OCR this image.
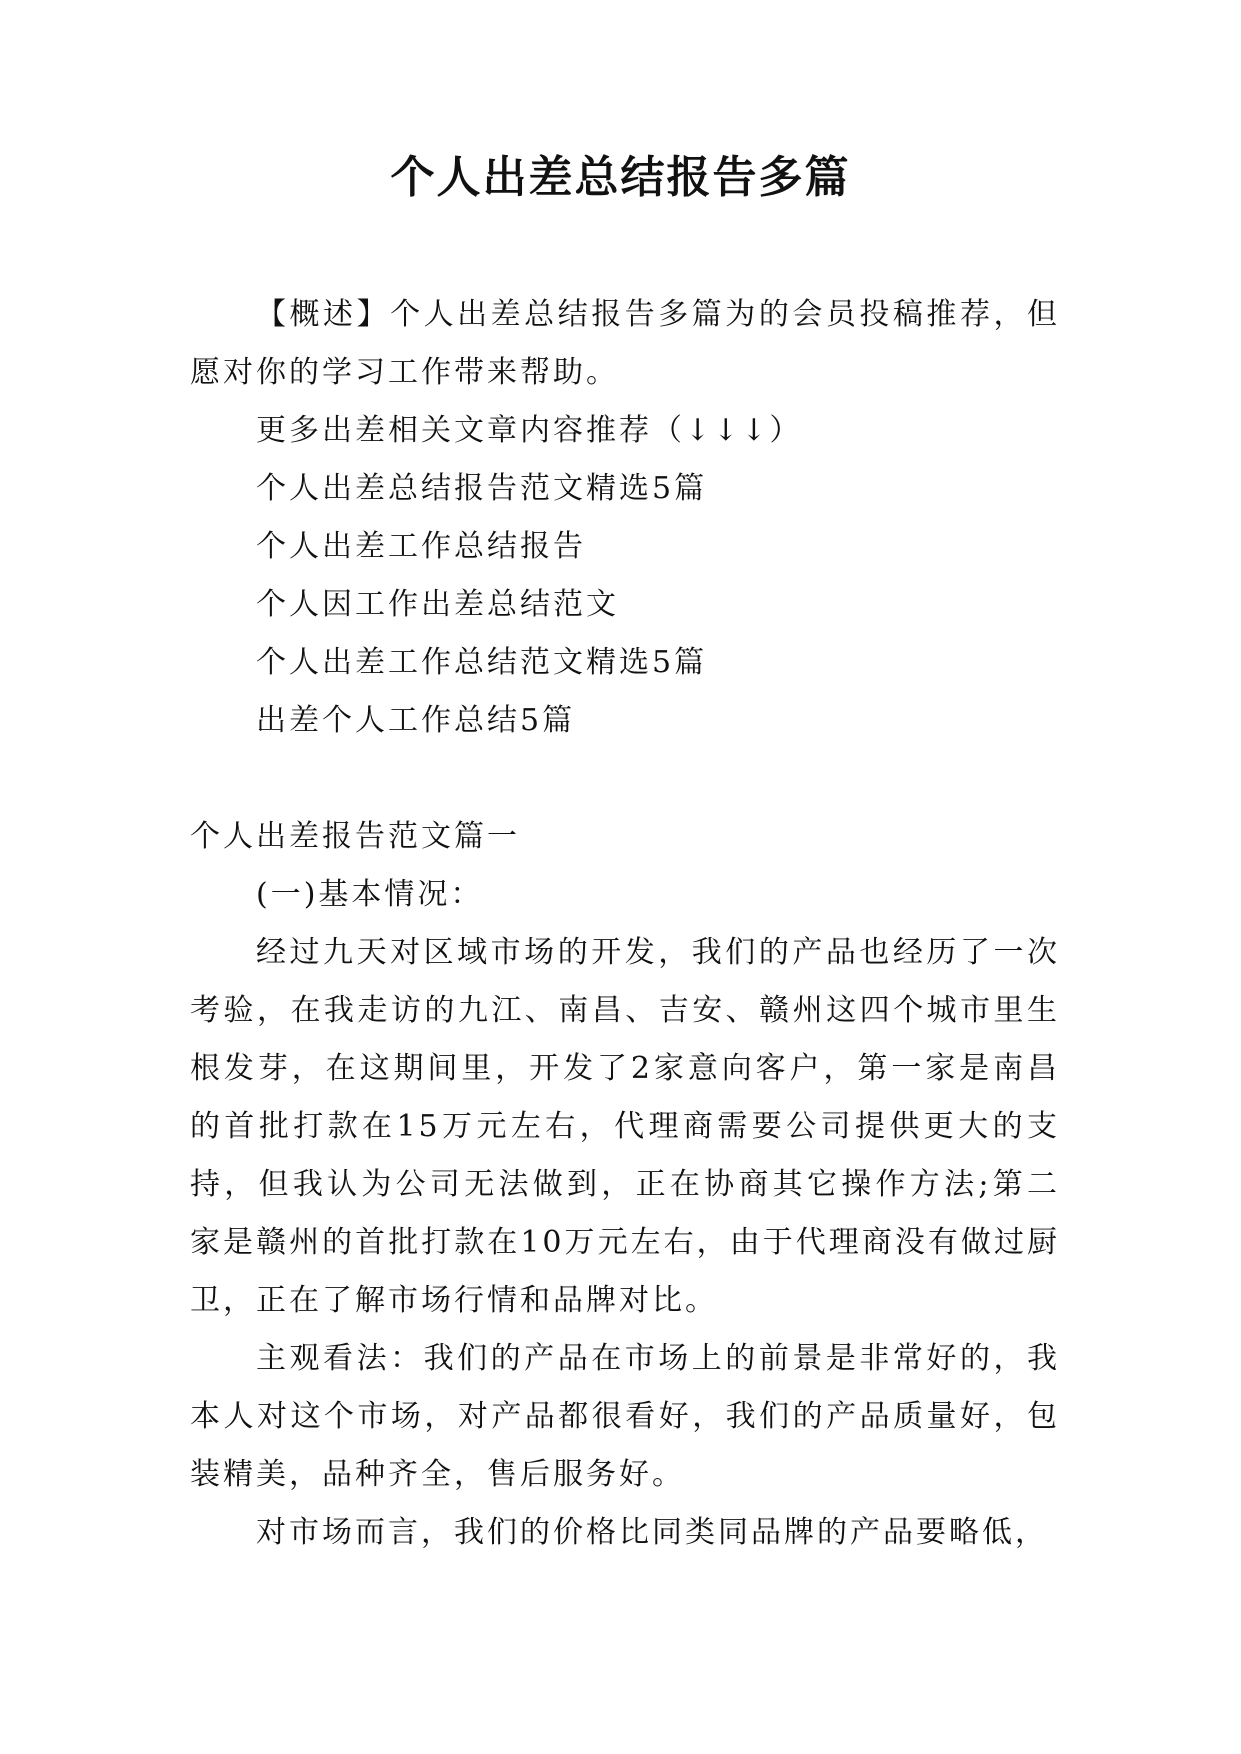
个人出差总结报告多篇

【概述】个人出差总结报告多篇为的会员投稿推荐，但愿对你的学习工作带来帮助。

更多出差相关文章内容推荐（↓↓↓）

个人出差总结报告范文精选5篇

个人出差工作总结报告

个人因工作出差总结范文

个人出差工作总结范文精选5篇

出差个人工作总结5篇

个人出差报告范文篇一

(一)基本情况：

经过九天对区域市场的开发，我们的产品也经历了一次考验，在我走访的九江、南昌、吉安、赣州这四个城市里生根发芽，在这期间里，开发了2家意向客户，第一家是南昌的首批打款在15万元左右，代理商需要公司提供更大的支持，但我认为公司无法做到，正在协商其它操作方法;第二家是赣州的首批打款在10万元左右，由于代理商没有做过厨卫，正在了解市场行情和品牌对比。

主观看法：我们的产品在市场上的前景是非常好的，我本人对这个市场，对产品都很看好，我们的产品质量好，包装精美，品种齐全，售后服务好。

对市场而言，我们的价格比同类同品牌的产品要略低，
